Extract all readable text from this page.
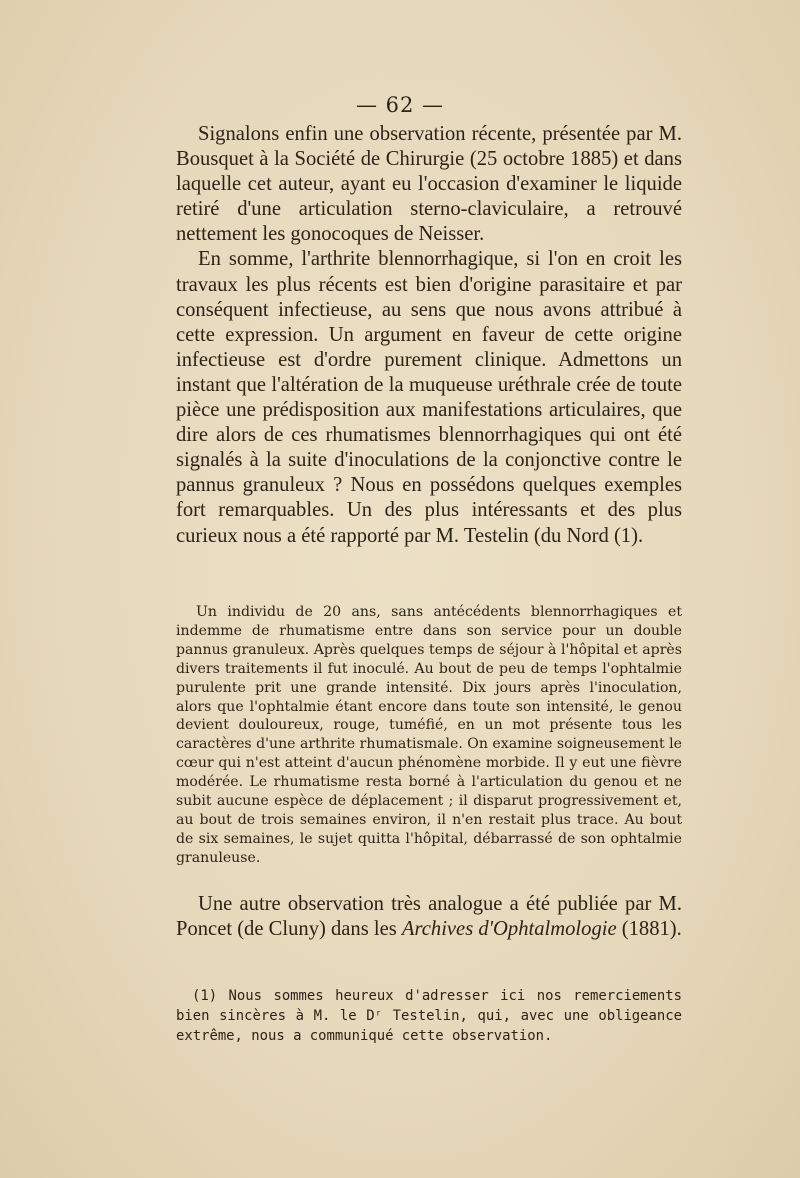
— 62 —

Signalons enfin une observation récente, présentée par M. Bousquet à la Société de Chirurgie (25 octobre 1885) et dans laquelle cet auteur, ayant eu l'occasion d'examiner le liquide retiré d'une articulation sterno-claviculaire, a retrouvé nettement les gonocoques de Neisser.

En somme, l'arthrite blennorrhagique, si l'on en croit les travaux les plus récents est bien d'origine parasitaire et par conséquent infectieuse, au sens que nous avons attribué à cette expression. Un argument en faveur de cette origine infectieuse est d'ordre purement clinique. Admettons un instant que l'altération de la muqueuse uréthrale crée de toute pièce une prédisposition aux manifestations articulaires, que dire alors de ces rhumatismes blennorrhagiques qui ont été signalés à la suite d'inoculations de la conjonctive contre le pannus granuleux ? Nous en possédons quelques exemples fort remarquables. Un des plus intéressants et des plus curieux nous a été rapporté par M. Testelin (du Nord (1).

Un individu de 20 ans, sans antécédents blennorrhagiques et indemme de rhumatisme entre dans son service pour un double pannus granuleux. Après quelques temps de séjour à l'hôpital et après divers traitements il fut inoculé. Au bout de peu de temps l'ophtalmie purulente prit une grande intensité. Dix jours après l'inoculation, alors que l'ophtalmie étant encore dans toute son intensité, le genou devient douloureux, rouge, tuméfié, en un mot présente tous les caractères d'une arthrite rhumatismale. On examine soigneusement le cœur qui n'est atteint d'aucun phénomène morbide. Il y eut une fièvre modérée. Le rhumatisme resta borné à l'articulation du genou et ne subit aucune espèce de déplacement ; il disparut progressivement et, au bout de trois semaines environ, il n'en restait plus trace. Au bout de six semaines, le sujet quitta l'hôpital, débarrassé de son ophtalmie granuleuse.

Une autre observation très analogue a été publiée par M. Poncet (de Cluny) dans les Archives d'Ophtalmologie (1881).

(1) Nous sommes heureux d'adresser ici nos remerciements bien sincères à M. le Dʳ Testelin, qui, avec une obligeance extrême, nous a communiqué cette observation.
